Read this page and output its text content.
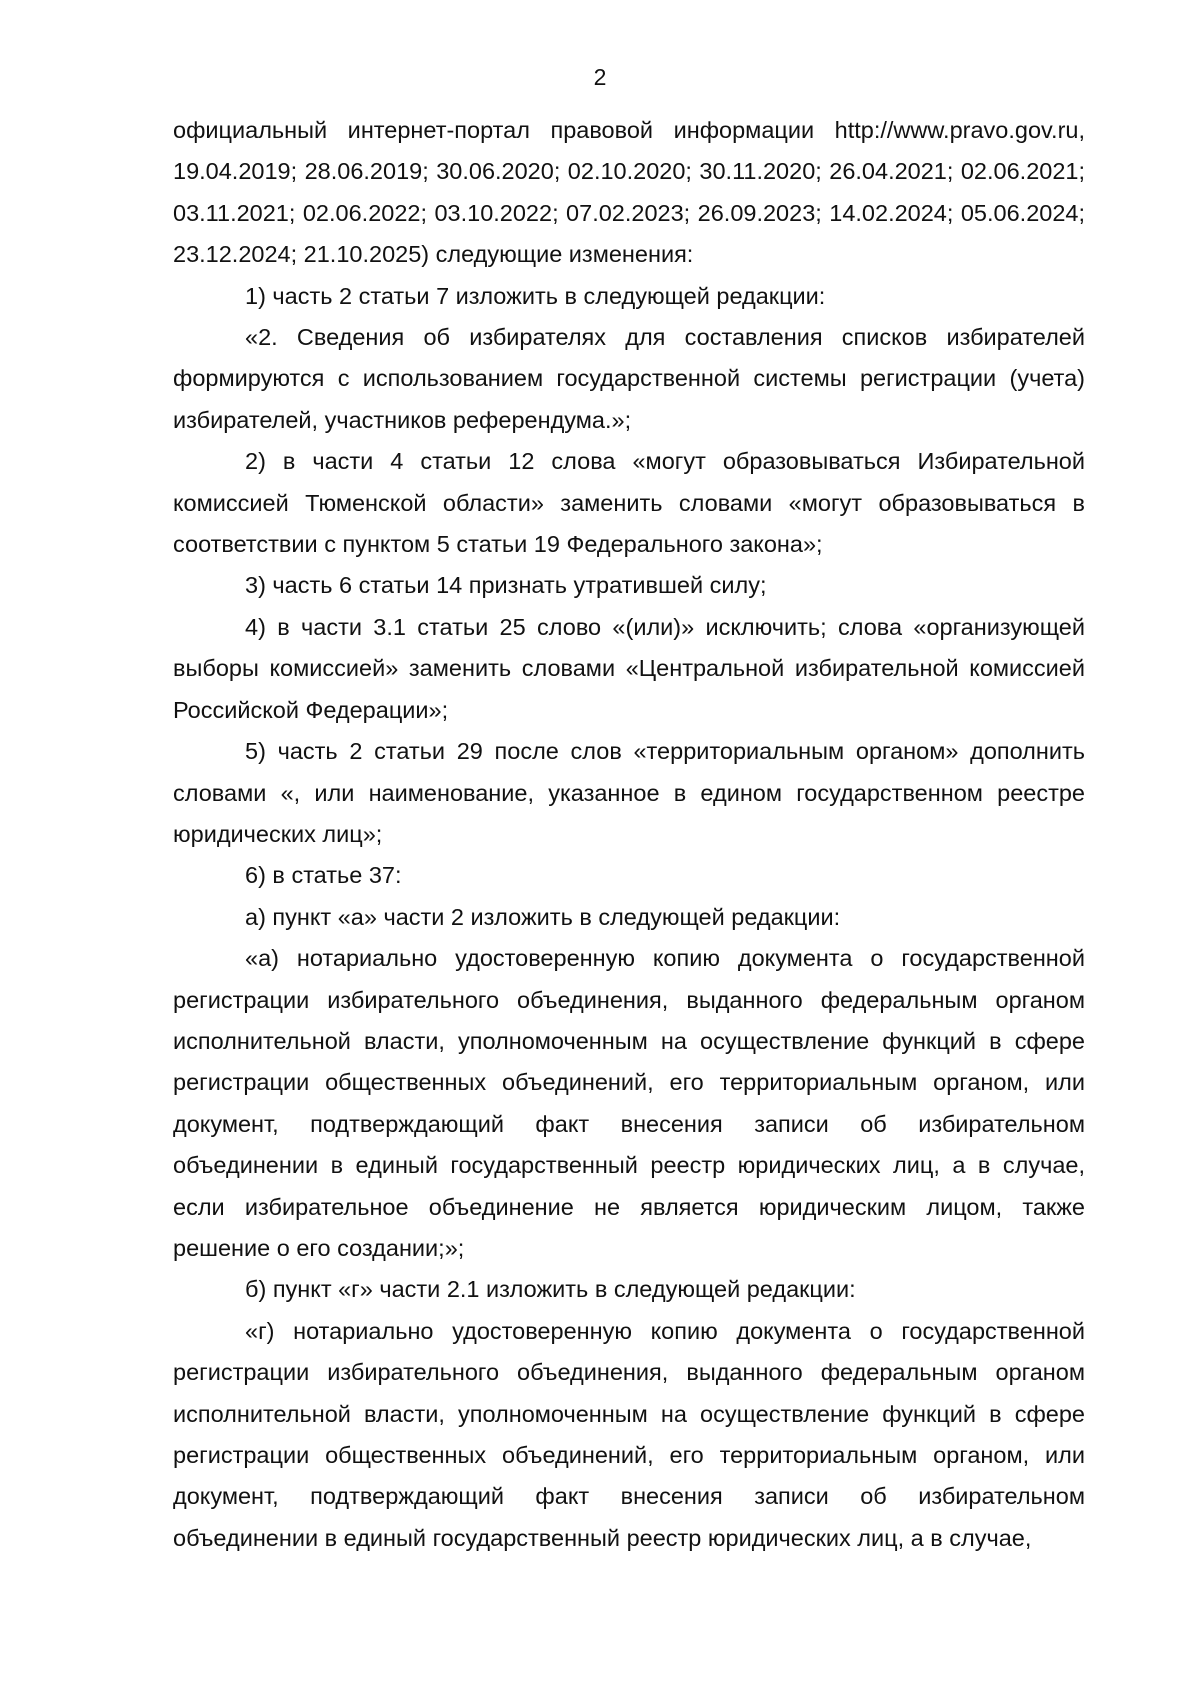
2

официальный интернет-портал правовой информации http://www.pravo.gov.ru, 19.04.2019; 28.06.2019; 30.06.2020; 02.10.2020; 30.11.2020; 26.04.2021; 02.06.2021; 03.11.2021; 02.06.2022; 03.10.2022; 07.02.2023; 26.09.2023; 14.02.2024; 05.06.2024; 23.12.2024; 21.10.2025) следующие изменения:

1) часть 2 статьи 7 изложить в следующей редакции:

«2. Сведения об избирателях для составления списков избирателей формируются с использованием государственной системы регистрации (учета) избирателей, участников референдума.»;

2) в части 4 статьи 12 слова «могут образовываться Избирательной комиссией Тюменской области» заменить словами «могут образовываться в соответствии с пунктом 5 статьи 19 Федерального закона»;

3) часть 6 статьи 14 признать утратившей силу;

4) в части 3.1 статьи 25 слово «(или)» исключить; слова «организующей выборы комиссией» заменить словами «Центральной избирательной комиссией Российской Федерации»;

5) часть 2 статьи 29 после слов «территориальным органом» дополнить словами «, или наименование, указанное в едином государственном реестре юридических лиц»;

6) в статье 37:

а) пункт «а» части 2 изложить в следующей редакции:

«а) нотариально удостоверенную копию документа о государственной регистрации избирательного объединения, выданного федеральным органом исполнительной власти, уполномоченным на осуществление функций в сфере регистрации общественных объединений, его территориальным органом, или документ, подтверждающий факт внесения записи об избирательном объединении в единый государственный реестр юридических лиц, а в случае, если избирательное объединение не является юридическим лицом, также решение о его создании;»;

б) пункт «г» части 2.1 изложить в следующей редакции:

«г) нотариально удостоверенную копию документа о государственной регистрации избирательного объединения, выданного федеральным органом исполнительной власти, уполномоченным на осуществление функций в сфере регистрации общественных объединений, его территориальным органом, или документ, подтверждающий факт внесения записи об избирательном объединении в единый государственный реестр юридических лиц, а в случае,
